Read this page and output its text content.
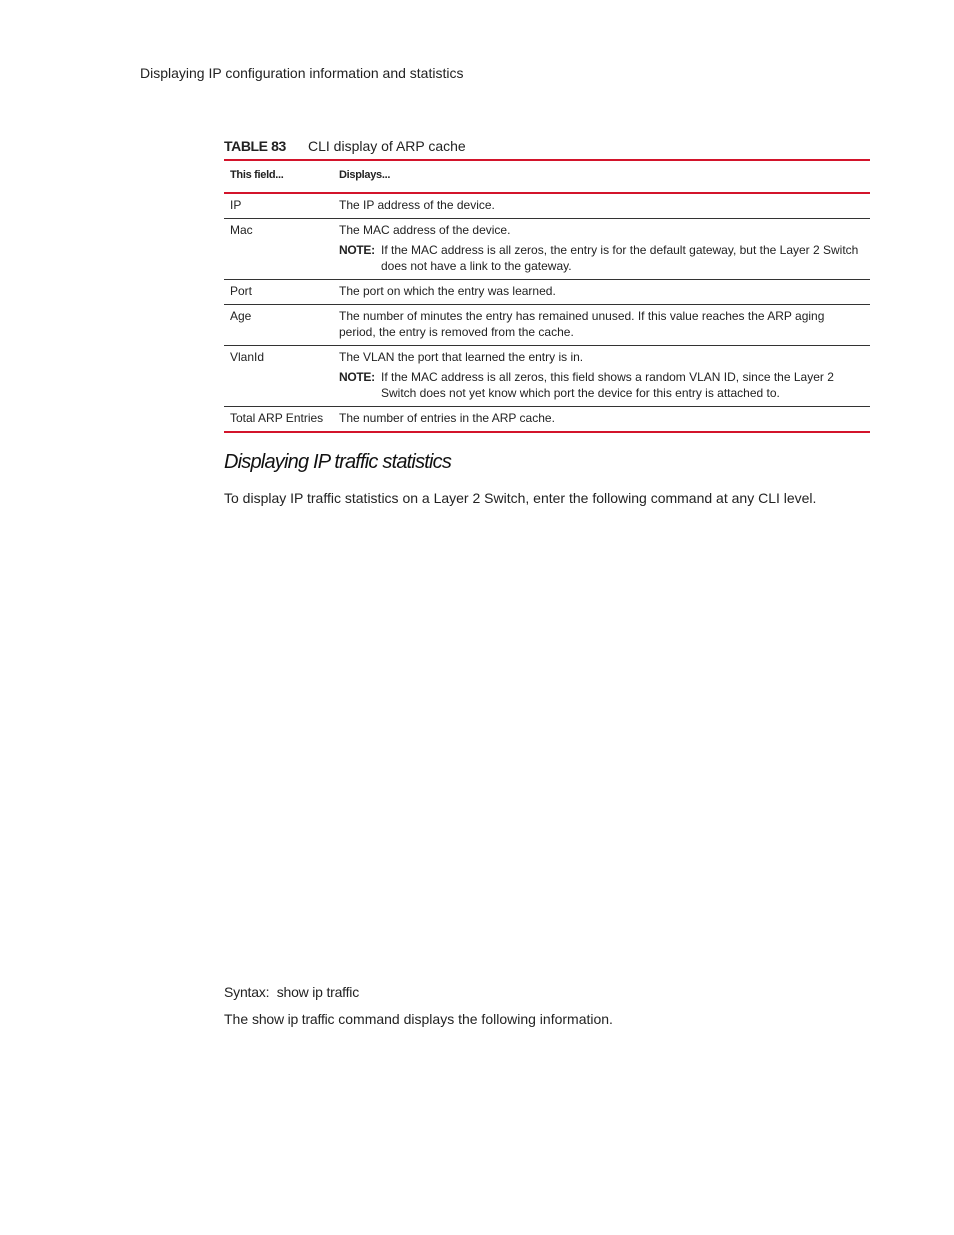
Displaying IP configuration information and statistics
TABLE 83 CLI display of ARP cache
This field...	Displays...
IP	The IP address of the device.

Mac	The MAC address of the device.
NOTE: If the MAC address is all zeros, the entry is for the default gateway, but the Layer 2 Switch does not have a link to the gateway.

Port	The port on which the entry was learned.

Age	The number of minutes the entry has remained unused. If this value reaches the ARP aging period, the entry is removed from the cache.

VlanId	The VLAN the port that learned the entry is in.
NOTE: If the MAC address is all zeros, this field shows a random VLAN ID, since the Layer 2 Switch does not yet know which port the device for this entry is attached to.

Total ARP Entries	The number of entries in the ARP cache.
Displaying IP traffic statistics

To display IP traffic statistics on a Layer 2 Switch, enter the following command at any CLI level.

Syntax: show ip traffic

The show ip traffic command displays the following information.
